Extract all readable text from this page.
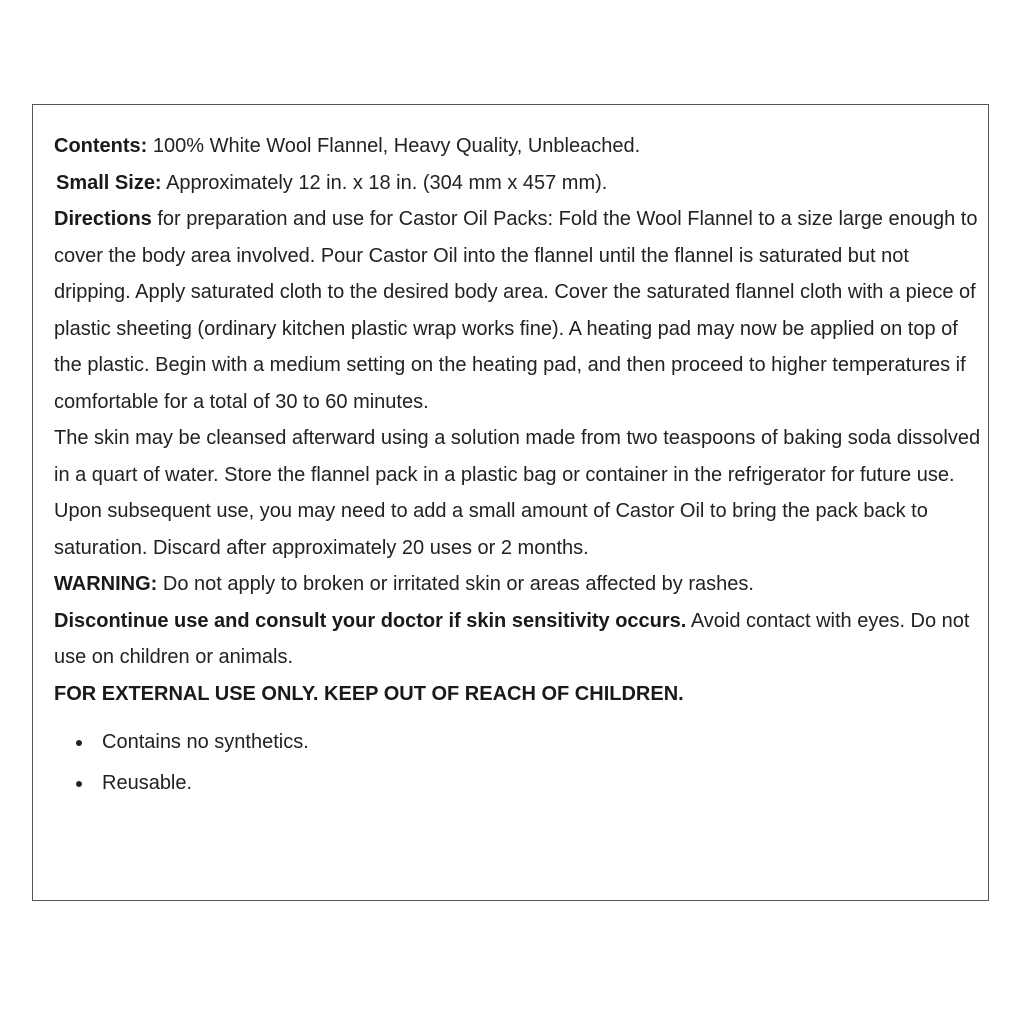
Contents: 100% White Wool Flannel, Heavy Quality, Unbleached.

Small Size: Approximately 12 in. x 18 in. (304 mm x 457 mm).

Directions for preparation and use for Castor Oil Packs: Fold the Wool Flannel to a size large enough to cover the body area involved. Pour Castor Oil into the flannel until the flannel is saturated but not dripping. Apply saturated cloth to the desired body area. Cover the saturated flannel cloth with a piece of plastic sheeting (ordinary kitchen plastic wrap works fine). A heating pad may now be applied on top of the plastic. Begin with a medium setting on the heating pad, and then proceed to higher temperatures if comfortable for a total of 30 to 60 minutes.

The skin may be cleansed afterward using a solution made from two teaspoons of baking soda dissolved in a quart of water. Store the flannel pack in a plastic bag or container in the refrigerator for future use. Upon subsequent use, you may need to add a small amount of Castor Oil to bring the pack back to saturation. Discard after approximately 20 uses or 2 months.

WARNING: Do not apply to broken or irritated skin or areas affected by rashes.

Discontinue use and consult your doctor if skin sensitivity occurs. Avoid contact with eyes. Do not use on children or animals.

FOR EXTERNAL USE ONLY. KEEP OUT OF REACH OF CHILDREN.

Contains no synthetics.
Reusable.
